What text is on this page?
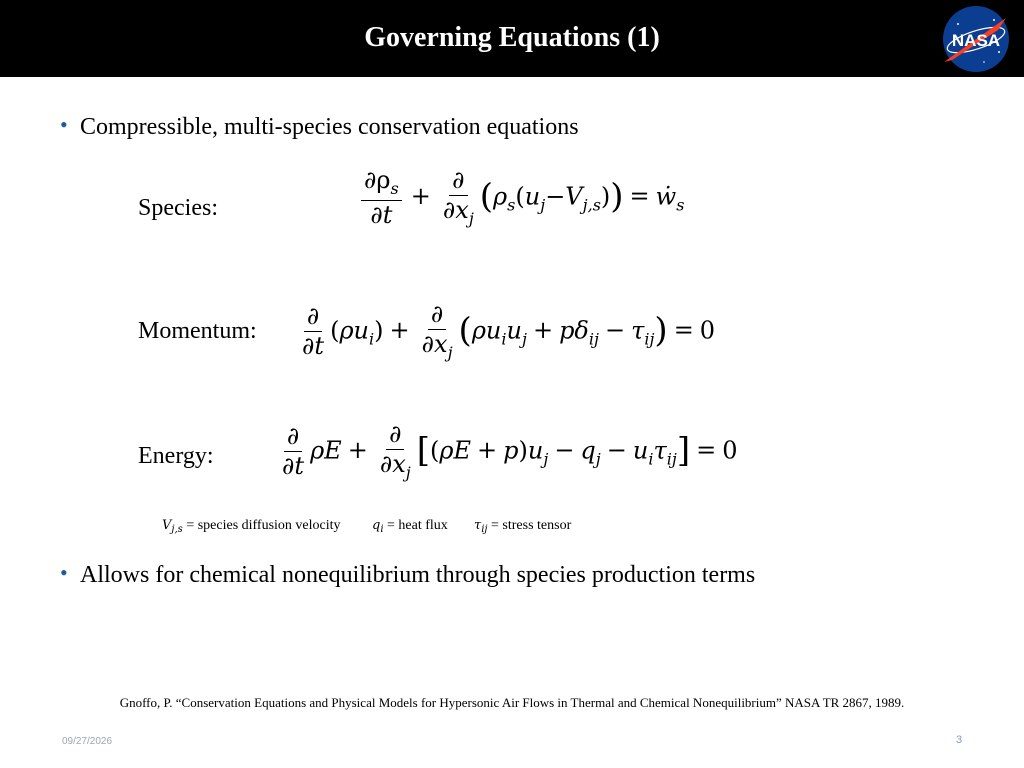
Governing Equations (1)	NASA
• Compressible, multi-species conservation equations
Species:	$\frac{\partial\rho_s}{\partial t} + \frac{\partial}{\partial x_j} (\rho_s(u_j-V_{j,s}))$ = ẇ$_s$
Momentum: $\frac{\partial}{\partial t} (\rho u_i) + \frac{\partial}{\partial x_j} (\rho u_iu_j + p\delta_{ij} - \tau_{ij}) = 0$
Energy:	$\frac{\partial}{\partial t}$ $\rho E + \frac{\partial}{\partial x_j} [(\rho E + p)u_j - q_j - u_i\tau_{ij}] = 0$
$V_{j,s}$ = species diffusion velocity $q_i$ = heat flux $\tau_{ij}$ = stress tensor
• Allows for chemical nonequilibrium through species production terms
Gnoffo, P. “Conservation Equations and Physical Models for Hypersonic Air Flows in Thermal and Chemical Nonequilibrium” NASA TR 2867, 1989.
09/27/2026	3
